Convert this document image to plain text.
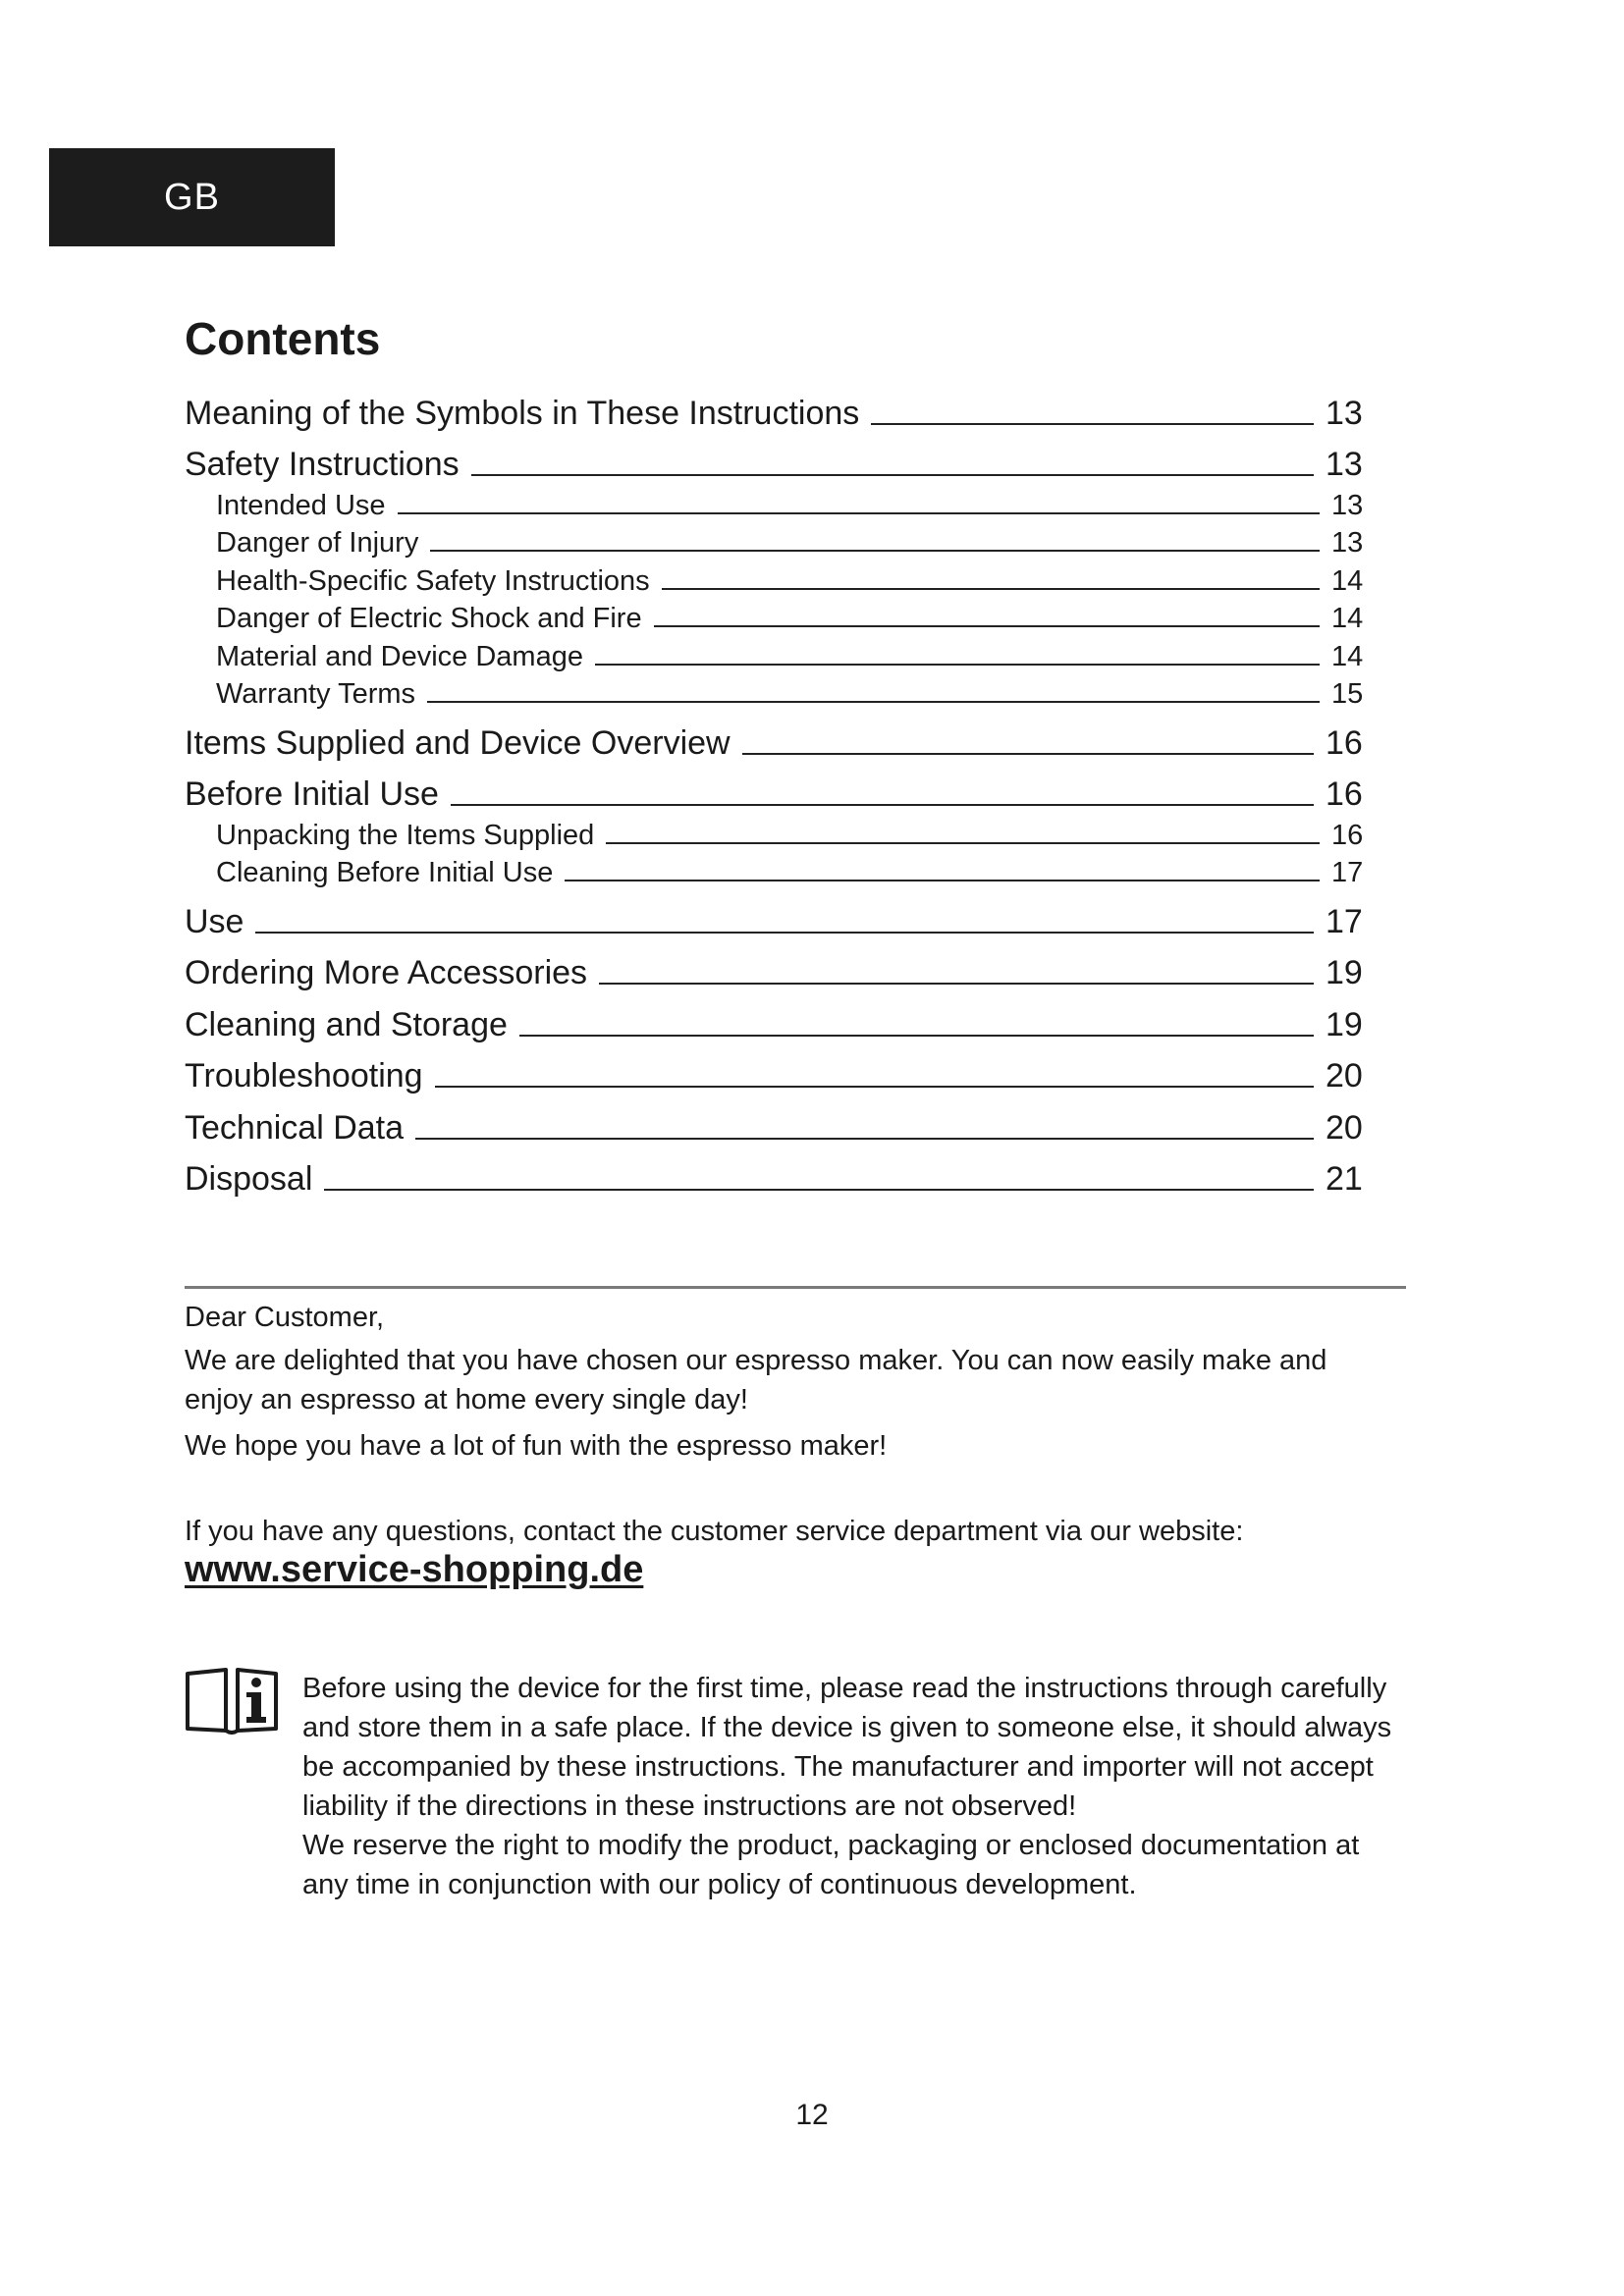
GB
Contents
Meaning of the Symbols in These Instructions	13
Safety Instructions	13
Intended Use	13
Danger of Injury	13
Health-Specific Safety Instructions	14
Danger of Electric Shock and Fire	14
Material and Device Damage	14
Warranty Terms	15
Items Supplied and Device Overview	16
Before Initial Use	16
Unpacking the Items Supplied	16
Cleaning Before Initial Use	17
Use	17
Ordering More Accessories	19
Cleaning and Storage	19
Troubleshooting	20
Technical Data	20
Disposal	21

Dear Customer,

We are delighted that you have chosen our espresso maker. You can now easily make and enjoy an espresso at home every single day!

We hope you have a lot of fun with the espresso maker!

If you have any questions, contact the customer service department via our website:

www.service-shopping.de

Before using the device for the first time, please read the instructions through carefully and store them in a safe place. If the device is given to someone else, it should always be accompanied by these instructions. The manufacturer and importer will not accept liability if the directions in these instructions are not observed!

We reserve the right to modify the product, packaging or enclosed documentation at any time in conjunction with our policy of continuous development.

12
